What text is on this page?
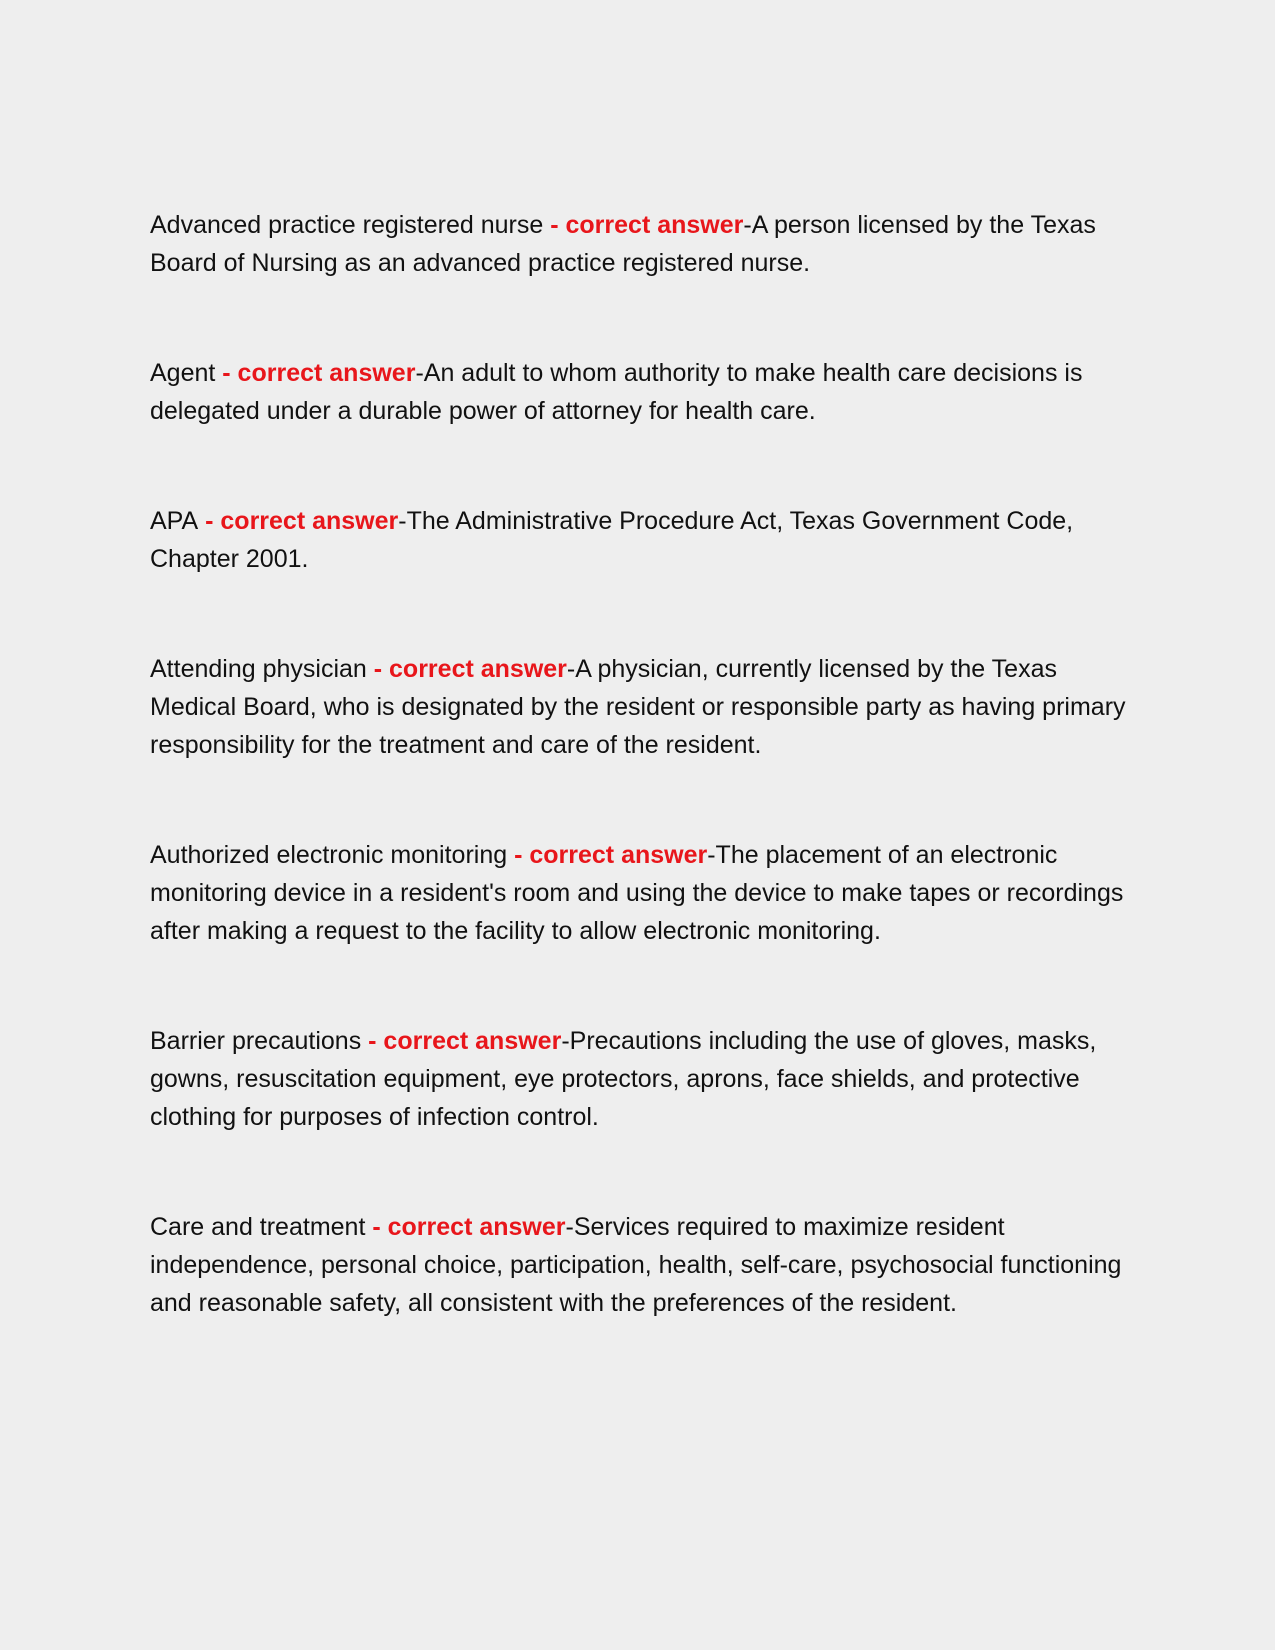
Advanced practice registered nurse - correct answer-A person licensed by the Texas Board of Nursing as an advanced practice registered nurse.

Agent - correct answer-An adult to whom authority to make health care decisions is delegated under a durable power of attorney for health care.

APA - correct answer-The Administrative Procedure Act, Texas Government Code, Chapter 2001.

Attending physician - correct answer-A physician, currently licensed by the Texas Medical Board, who is designated by the resident or responsible party as having primary responsibility for the treatment and care of the resident.

Authorized electronic monitoring - correct answer-The placement of an electronic monitoring device in a resident's room and using the device to make tapes or recordings after making a request to the facility to allow electronic monitoring.

Barrier precautions - correct answer-Precautions including the use of gloves, masks, gowns, resuscitation equipment, eye protectors, aprons, face shields, and protective clothing for purposes of infection control.

Care and treatment - correct answer-Services required to maximize resident independence, personal choice, participation, health, self-care, psychosocial functioning and reasonable safety, all consistent with the preferences of the resident.
